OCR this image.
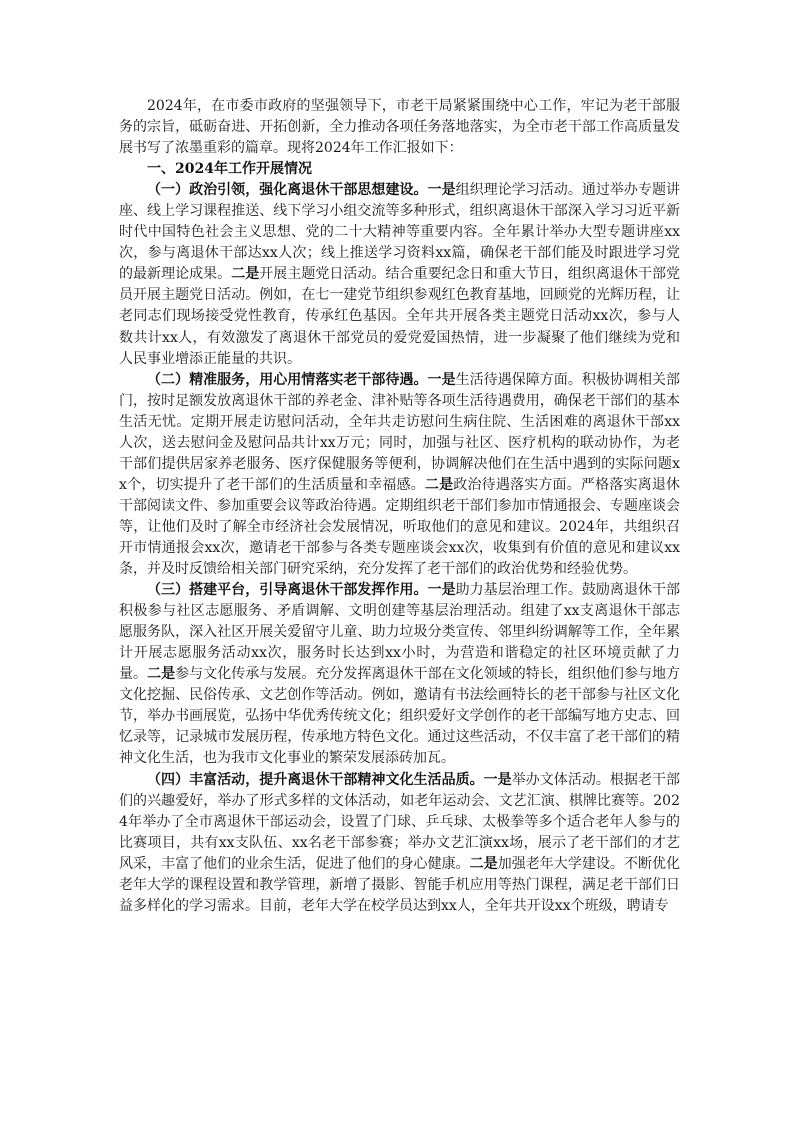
2024年，在市委市政府的坚强领导下，市老干局紧紧围绕中心工作，牢记为老干部服务的宗旨，砥砺奋进、开拓创新，全力推动各项任务落地落实，为全市老干部工作高质量发展书写了浓墨重彩的篇章。现将2024年工作汇报如下：

一、2024年工作开展情况

（一）政治引领，强化离退休干部思想建设。一是组织理论学习活动。通过举办专题讲座、线上学习课程推送、线下学习小组交流等多种形式，组织离退休干部深入学习习近平新时代中国特色社会主义思想、党的二十大精神等重要内容。全年累计举办大型专题讲座xx次，参与离退休干部达xx人次；线上推送学习资料xx篇，确保老干部们能及时跟进学习党的最新理论成果。二是开展主题党日活动。结合重要纪念日和重大节日，组织离退休干部党员开展主题党日活动。例如，在七一建党节组织参观红色教育基地，回顾党的光辉历程，让老同志们现场接受党性教育，传承红色基因。全年共开展各类主题党日活动xx次，参与人数共计xx人，有效激发了离退休干部党员的爱党爱国热情，进一步凝聚了他们继续为党和人民事业增添正能量的共识。

（二）精准服务，用心用情落实老干部待遇。一是生活待遇保障方面。积极协调相关部门，按时足额发放离退休干部的养老金、津补贴等各项生活待遇费用，确保老干部们的基本生活无忧。定期开展走访慰问活动，全年共走访慰问生病住院、生活困难的离退休干部xx人次，送去慰问金及慰问品共计xx万元；同时，加强与社区、医疗机构的联动协作，为老干部们提供居家养老服务、医疗保健服务等便利，协调解决他们在生活中遇到的实际问题xx个，切实提升了老干部们的生活质量和幸福感。二是政治待遇落实方面。严格落实离退休干部阅读文件、参加重要会议等政治待遇。定期组织老干部们参加市情通报会、专题座谈会等，让他们及时了解全市经济社会发展情况，听取他们的意见和建议。2024年，共组织召开市情通报会xx次，邀请老干部参与各类专题座谈会xx次，收集到有价值的意见和建议xx条，并及时反馈给相关部门研究采纳，充分发挥了老干部们的政治优势和经验优势。

（三）搭建平台，引导离退休干部发挥作用。一是助力基层治理工作。鼓励离退休干部积极参与社区志愿服务、矛盾调解、文明创建等基层治理活动。组建了xx支离退休干部志愿服务队，深入社区开展关爱留守儿童、助力垃圾分类宣传、邻里纠纷调解等工作，全年累计开展志愿服务活动xx次，服务时长达到xx小时，为营造和谐稳定的社区环境贡献了力量。二是参与文化传承与发展。充分发挥离退休干部在文化领域的特长，组织他们参与地方文化挖掘、民俗传承、文艺创作等活动。例如，邀请有书法绘画特长的老干部参与社区文化节，举办书画展览，弘扬中华优秀传统文化；组织爱好文学创作的老干部编写地方史志、回忆录等，记录城市发展历程，传承地方特色文化。通过这些活动，不仅丰富了老干部们的精神文化生活，也为我市文化事业的繁荣发展添砖加瓦。

（四）丰富活动，提升离退休干部精神文化生活品质。一是举办文体活动。根据老干部们的兴趣爱好，举办了形式多样的文体活动，如老年运动会、文艺汇演、棋牌比赛等。2024年举办了全市离退休干部运动会，设置了门球、乒乓球、太极拳等多个适合老年人参与的比赛项目，共有xx支队伍、xx名老干部参赛；举办文艺汇演xx场，展示了老干部们的才艺风采，丰富了他们的业余生活，促进了他们的身心健康。二是加强老年大学建设。不断优化老年大学的课程设置和教学管理，新增了摄影、智能手机应用等热门课程，满足老干部们日益多样化的学习需求。目前，老年大学在校学员达到xx人，全年共开设xx个班级，聘请专
